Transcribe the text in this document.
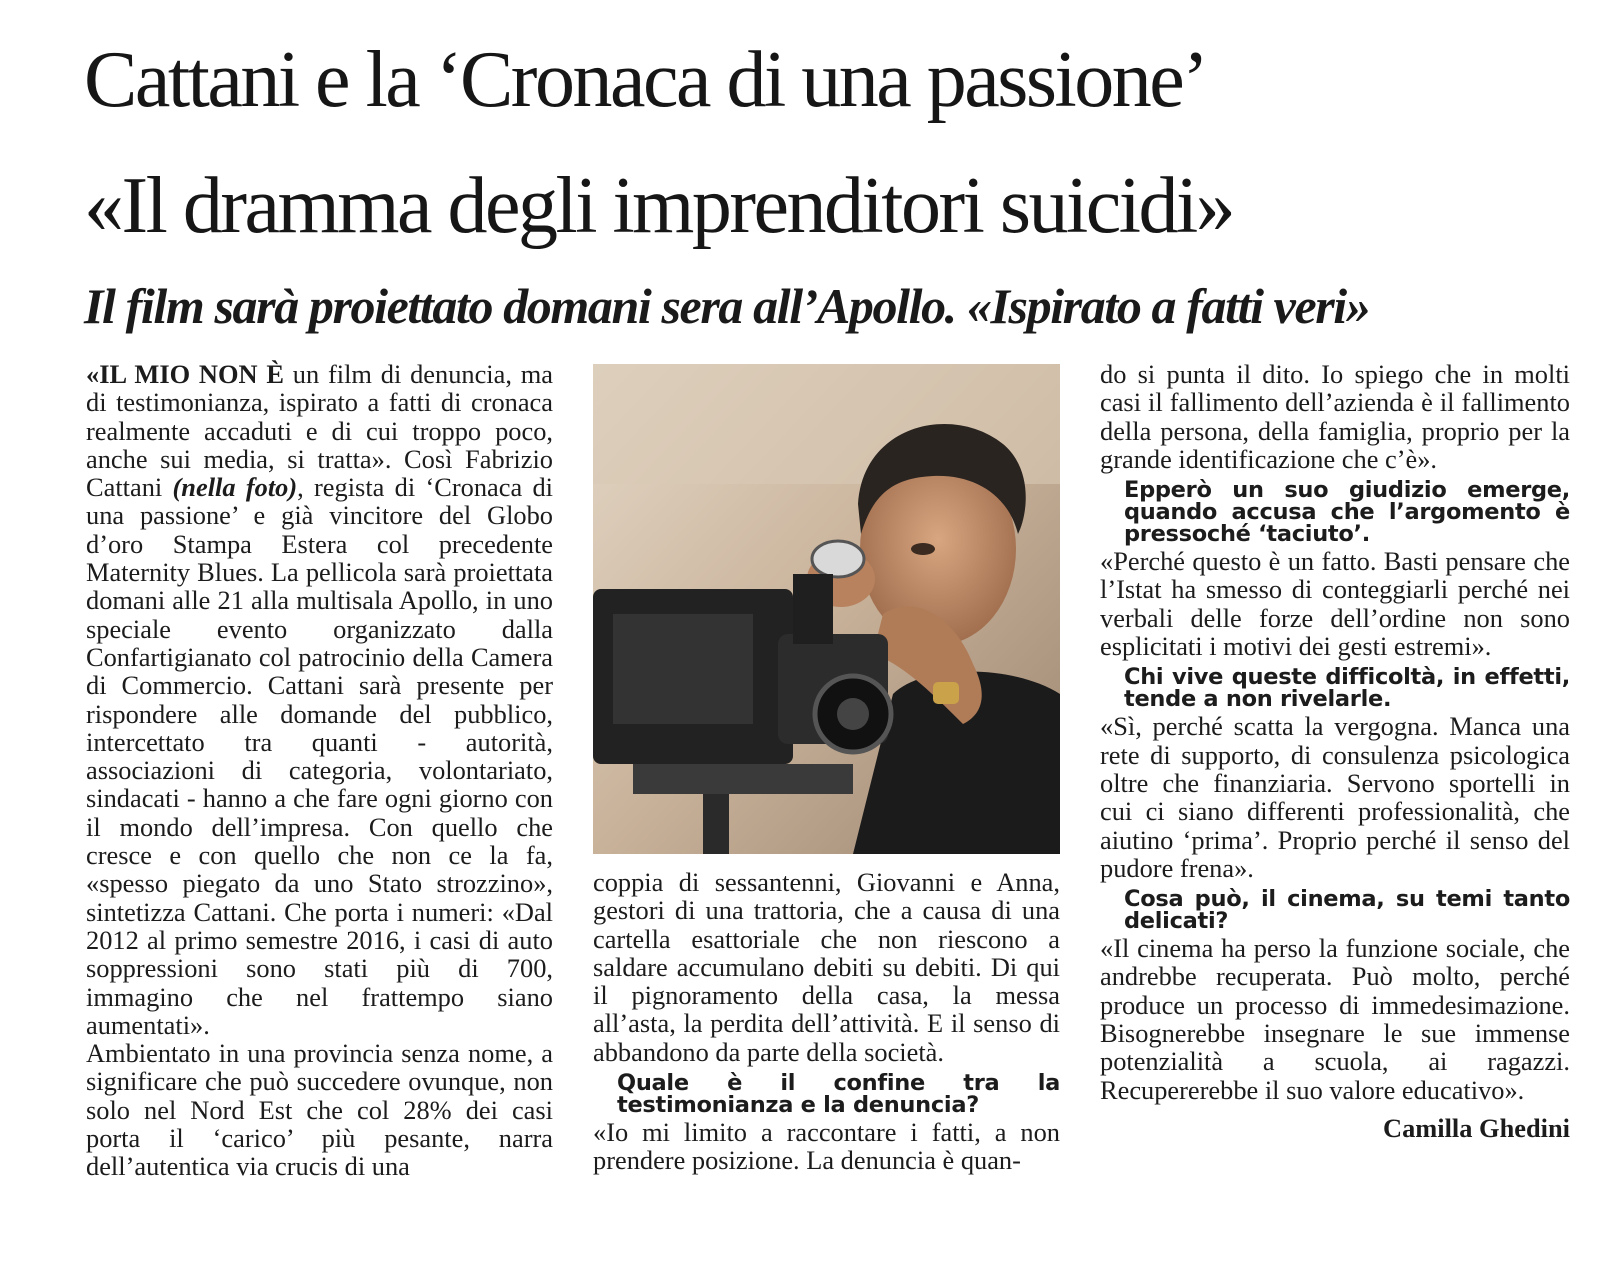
Cattani e la ‘Cronaca di una passione’
«Il dramma degli imprenditori suicidi»
Il film sarà proiettato domani sera all’Apollo. «Ispirato a fatti veri»

«IL MIO NON È un film di denuncia, ma di testimonianza, ispirato a fatti di cronaca realmente accaduti e di cui troppo poco, anche sui media, si tratta». Così Fabrizio Cattani (nella foto), regista di ‘Cronaca di una passione’ e già vincitore del Globo d’oro Stampa Estera col precedente Maternity Blues. La pellicola sarà proiettata domani alle 21 alla multisala Apollo, in uno speciale evento organizzato dalla Confartigianato col patrocinio della Camera di Commercio. Cattani sarà presente per rispondere alle domande del pubblico, intercettato tra quanti - autorità, associazioni di categoria, volontariato, sindacati - hanno a che fare ogni giorno con il mondo dell’impresa. Con quello che cresce e con quello che non ce la fa, «spesso piegato da uno Stato strozzino», sintetizza Cattani. Che porta i numeri: «Dal 2012 al primo semestre 2016, i casi di auto soppressioni sono stati più di 700, immagino che nel frattempo siano aumentati».

Ambientato in una provincia senza nome, a significare che può succedere ovunque, non solo nel Nord Est che col 28% dei casi porta il ‘carico’ più pesante, narra dell’autentica via crucis di una

coppia di sessantenni, Giovanni e Anna, gestori di una trattoria, che a causa di una cartella esattoriale che non riescono a saldare accumulano debiti su debiti. Di qui il pignoramento della casa, la messa all’asta, la perdita dell’attività. E il senso di abbandono da parte della società.

Quale è il confine tra la testimonianza e la denuncia?

«Io mi limito a raccontare i fatti, a non prendere posizione. La denuncia è quan-

do si punta il dito. Io spiego che in molti casi il fallimento dell’azienda è il fallimento della persona, della famiglia, proprio per la grande identificazione che c’è».

Epperò un suo giudizio emerge, quando accusa che l’argomento è pressoché ‘taciuto’.

«Perché questo è un fatto. Basti pensare che l’Istat ha smesso di conteggiarli perché nei verbali delle forze dell’ordine non sono esplicitati i motivi dei gesti estremi».

Chi vive queste difficoltà, in effetti, tende a non rivelarle.

«Sì, perché scatta la vergogna. Manca una rete di supporto, di consulenza psicologica oltre che finanziaria. Servono sportelli in cui ci siano differenti professionalità, che aiutino ‘prima’. Proprio perché il senso del pudore frena».

Cosa può, il cinema, su temi tanto delicati?

«Il cinema ha perso la funzione sociale, che andrebbe recuperata. Può molto, perché produce un processo di immedesimazione. Bisognerebbe insegnare le sue immense potenzialità a scuola, ai ragazzi. Recupererebbe il suo valore educativo».

Camilla Ghedini
